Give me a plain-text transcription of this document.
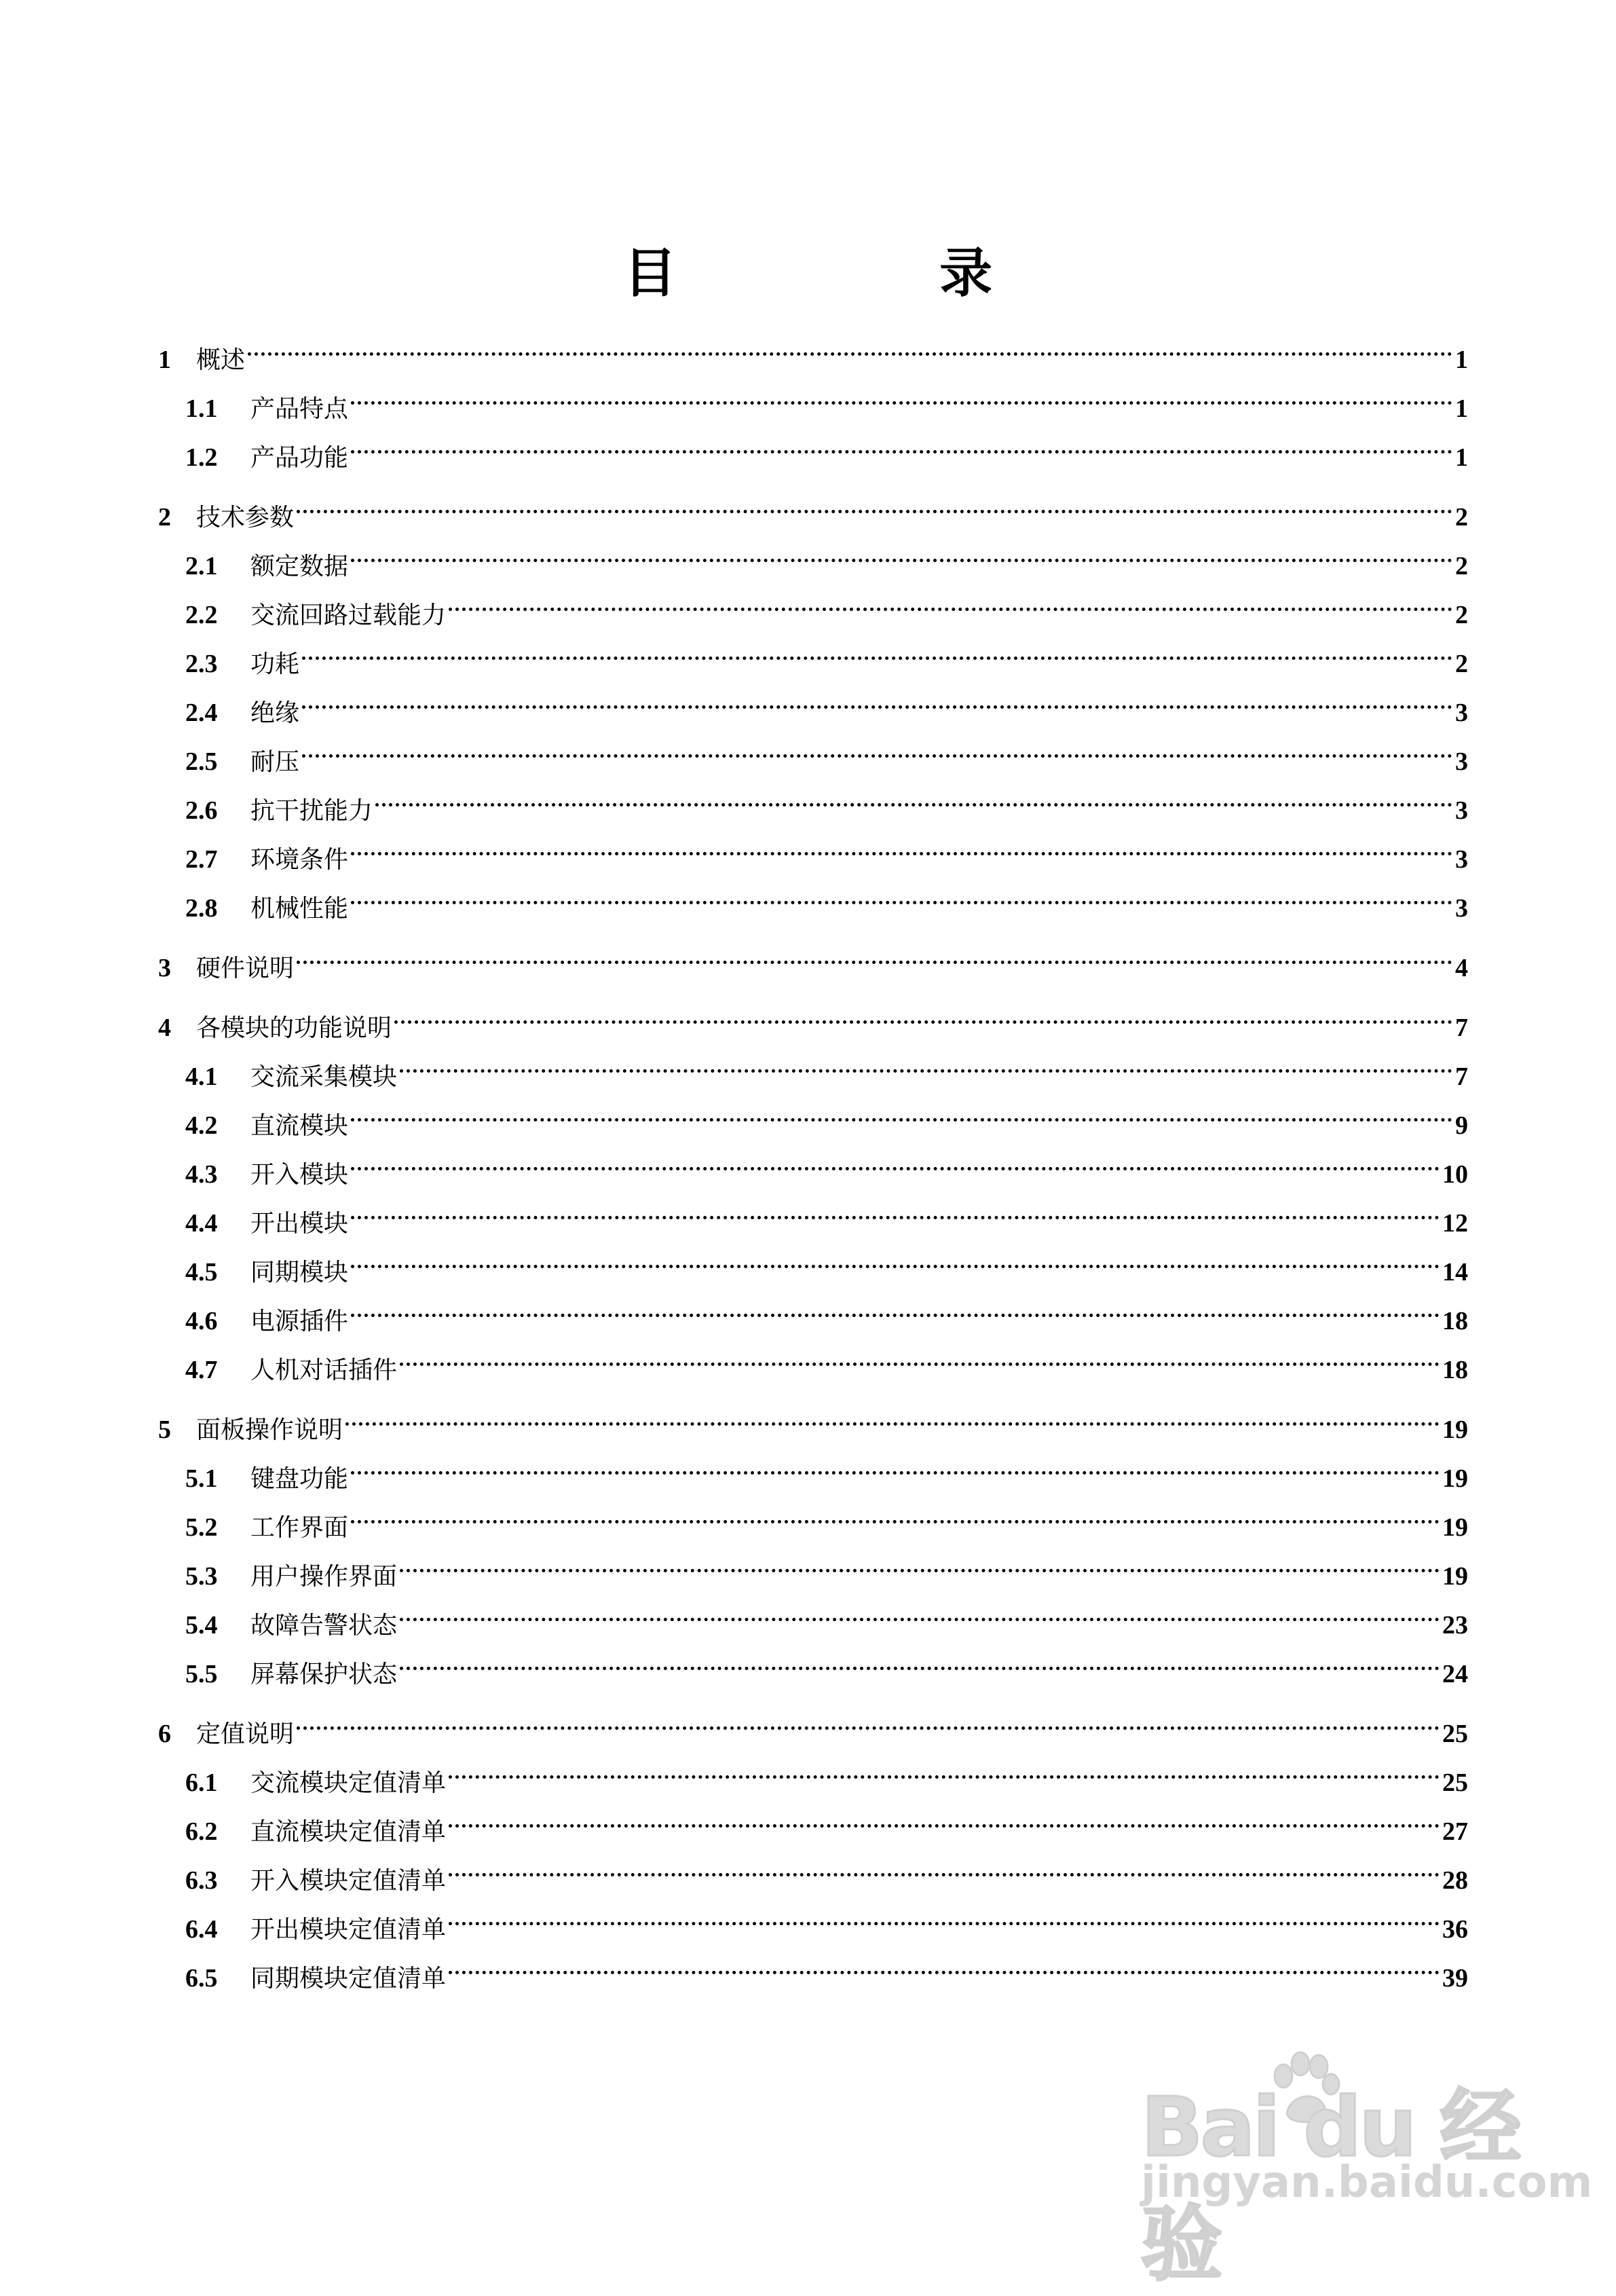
目 录
1	概述	1
1.1	产品特点	1
1.2	产品功能	1
2	技术参数	2
2.1	额定数据	2
2.2	交流回路过载能力	2
2.3	功耗	2
2.4	绝缘	3
2.5	耐压	3
2.6	抗干扰能力	3
2.7	环境条件	3
2.8	机械性能	3
3	硬件说明	4
4	各模块的功能说明	7
4.1	交流采集模块	7
4.2	直流模块	9
4.3	开入模块	10
4.4	开出模块	12
4.5	同期模块	14
4.6	电源插件	18
4.7	人机对话插件	18
5	面板操作说明	19
5.1	键盘功能	19
5.2	工作界面	19
5.3	用户操作界面	19
5.4	故障告警状态	23
5.5	屏幕保护状态	24
6	定值说明	25
6.1	交流模块定值清单	25
6.2	直流模块定值清单	27
6.3	开入模块定值清单	28
6.4	开出模块定值清单	36
6.5	同期模块定值清单	39
Bai du 经验
jingyan.baidu.com
